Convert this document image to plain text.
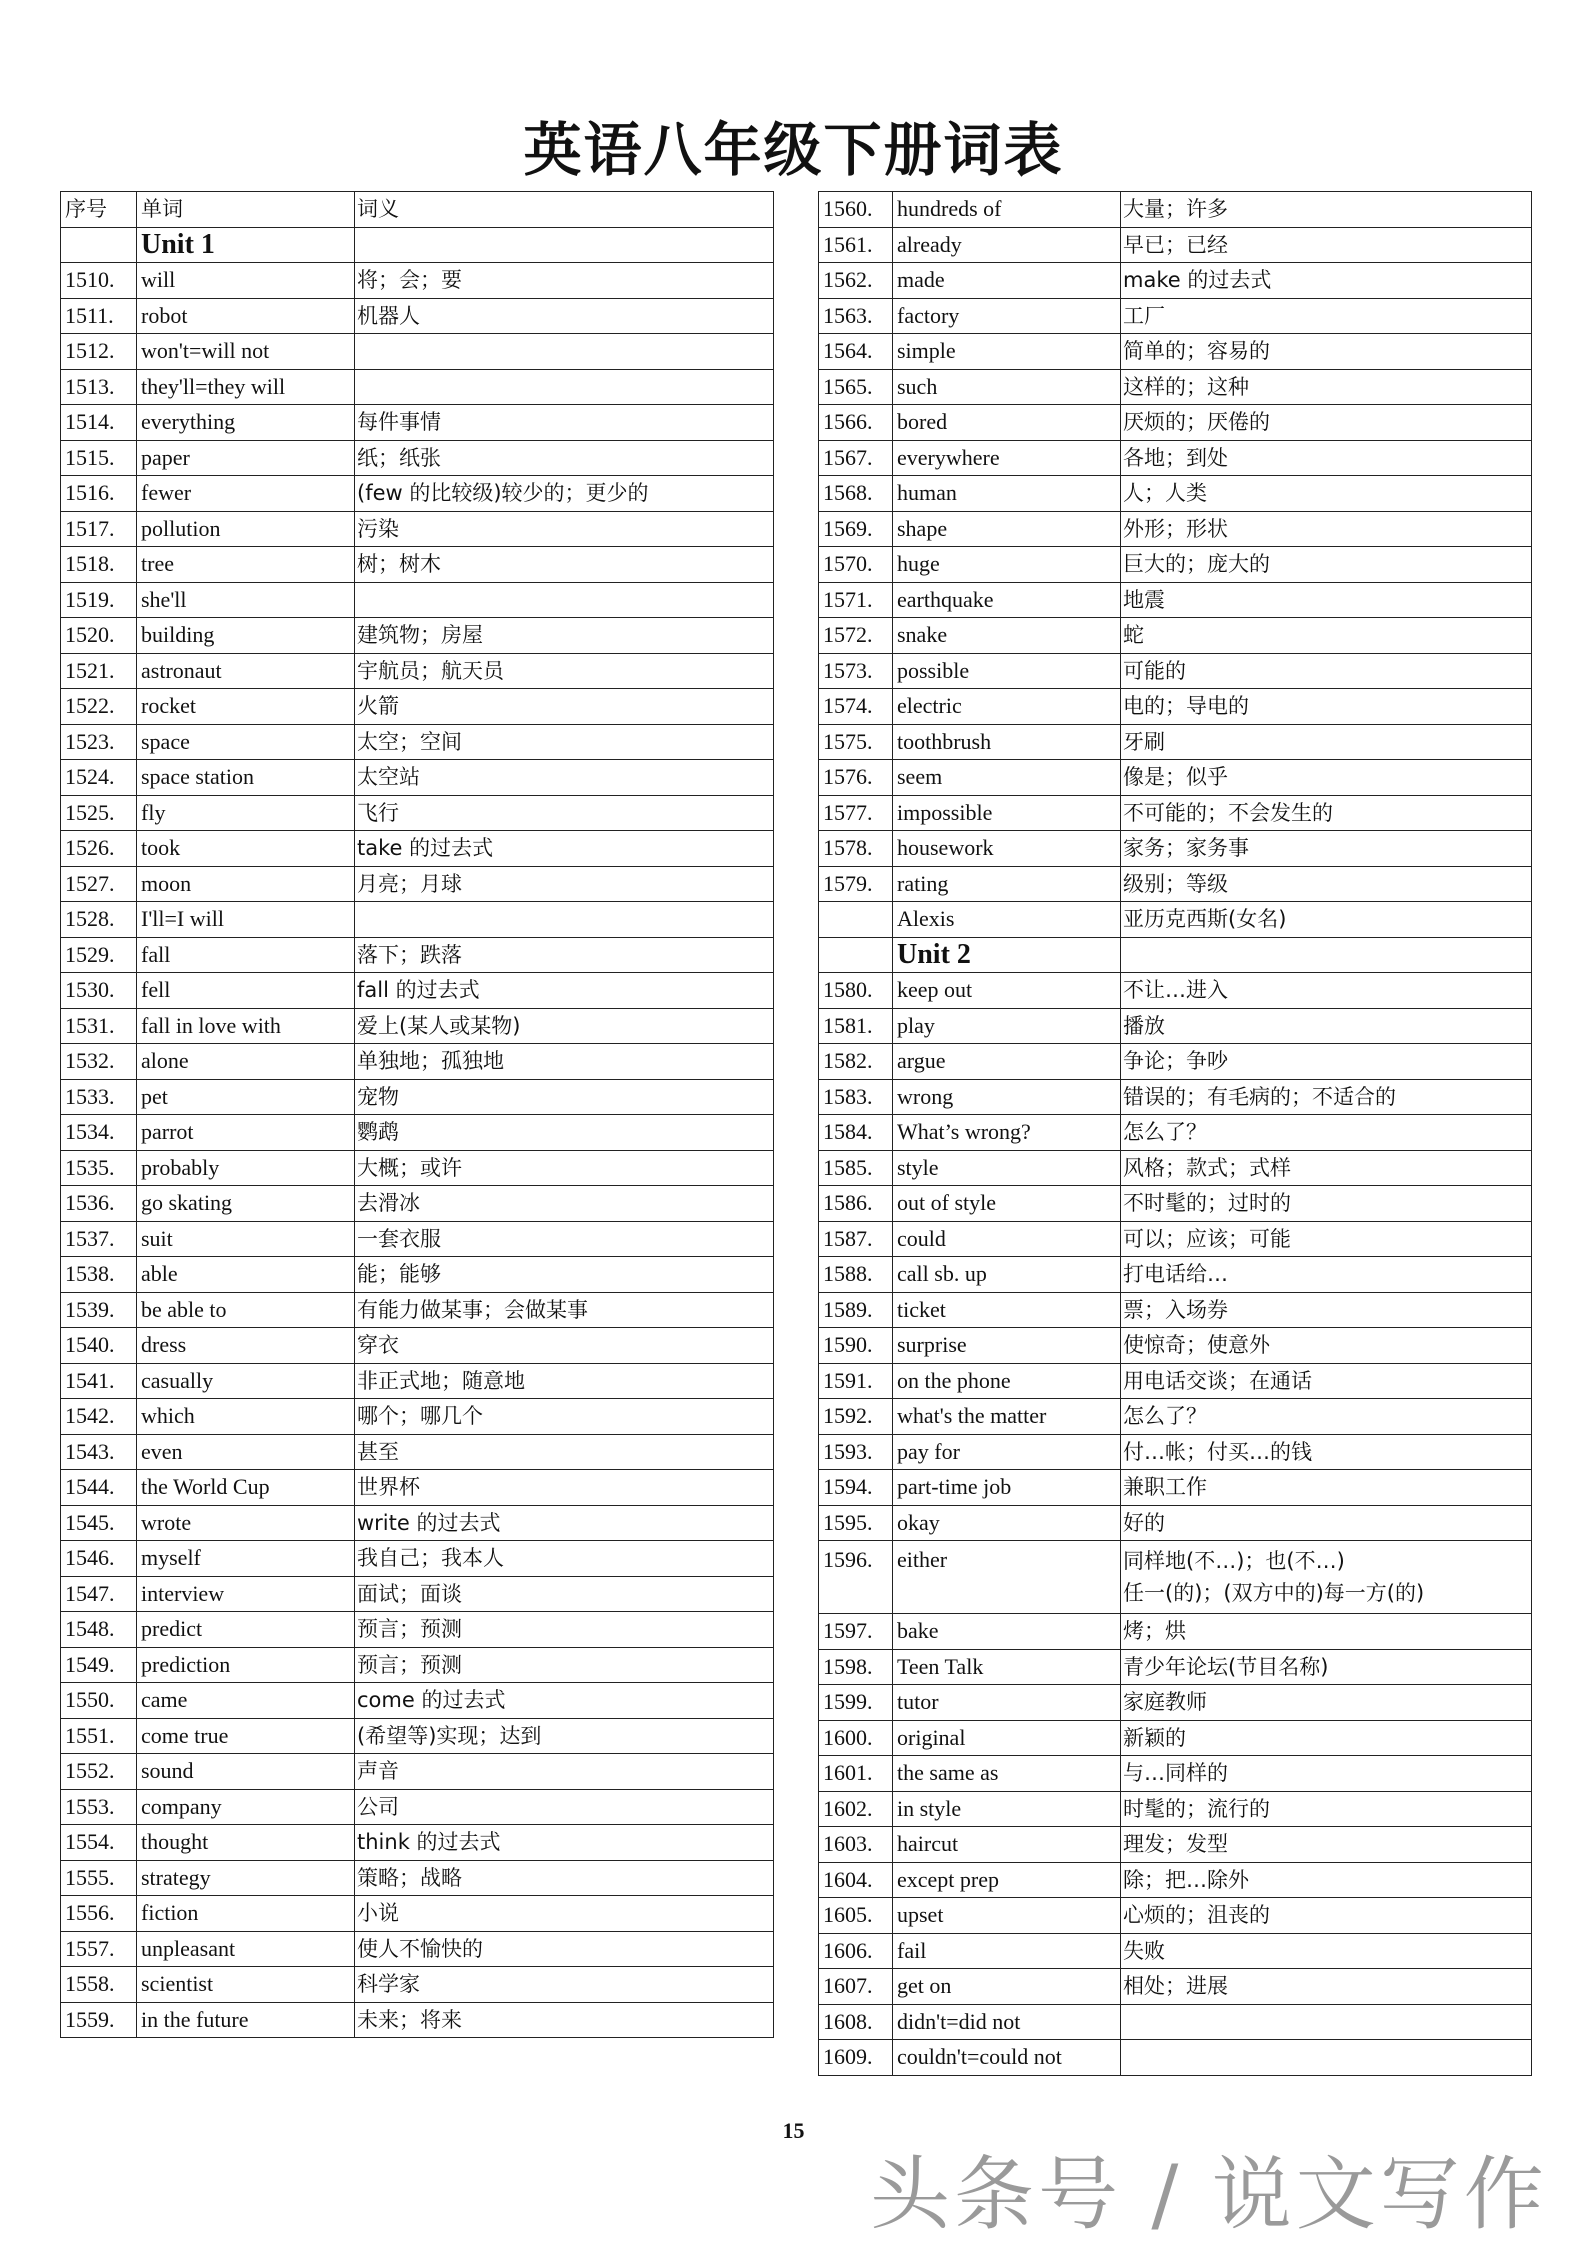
英语八年级下册词表
序号	单词	词义
	Unit 1	
1510.	will	将；会；要
1511.	robot	机器人
1512.	won't=will not	
1513.	they'll=they will	
1514.	everything	每件事情
1515.	paper	纸；纸张
1516.	fewer	(few 的比较级)较少的；更少的
1517.	pollution	污染
1518.	tree	树；树木
1519.	she'll	
1520.	building	建筑物；房屋
1521.	astronaut	宇航员；航天员
1522.	rocket	火箭
1523.	space	太空；空间
1524.	space station	太空站
1525.	fly	飞行
1526.	took	take 的过去式
1527.	moon	月亮；月球
1528.	I'll=I will	
1529.	fall	落下；跌落
1530.	fell	fall 的过去式
1531.	fall in love with	爱上(某人或某物)
1532.	alone	单独地；孤独地
1533.	pet	宠物
1534.	parrot	鹦鹉
1535.	probably	大概；或许
1536.	go skating	去滑冰
1537.	suit	一套衣服
1538.	able	能；能够
1539.	be able to	有能力做某事；会做某事
1540.	dress	穿衣
1541.	casually	非正式地；随意地
1542.	which	哪个；哪几个
1543.	even	甚至
1544.	the World Cup	世界杯
1545.	wrote	write 的过去式
1546.	myself	我自己；我本人
1547.	interview	面试；面谈
1548.	predict	预言；预测
1549.	prediction	预言；预测
1550.	came	come 的过去式
1551.	come true	(希望等)实现；达到
1552.	sound	声音
1553.	company	公司
1554.	thought	think 的过去式
1555.	strategy	策略；战略
1556.	fiction	小说
1557.	unpleasant	使人不愉快的
1558.	scientist	科学家
1559.	in the future	未来；将来
1560.	hundreds of	大量；许多
1561.	already	早已；已经
1562.	made	make 的过去式
1563.	factory	工厂
1564.	simple	简单的；容易的
1565.	such	这样的；这种
1566.	bored	厌烦的；厌倦的
1567.	everywhere	各地；到处
1568.	human	人；人类
1569.	shape	外形；形状
1570.	huge	巨大的；庞大的
1571.	earthquake	地震
1572.	snake	蛇
1573.	possible	可能的
1574.	electric	电的；导电的
1575.	toothbrush	牙刷
1576.	seem	像是；似乎
1577.	impossible	不可能的；不会发生的
1578.	housework	家务；家务事
1579.	rating	级别；等级
	Alexis	亚历克西斯(女名)
	Unit 2	
1580.	keep out	不让…进入
1581.	play	播放
1582.	argue	争论；争吵
1583.	wrong	错误的；有毛病的；不适合的
1584.	What’s wrong?	怎么了？
1585.	style	风格；款式；式样
1586.	out of style	不时髦的；过时的
1587.	could	可以；应该；可能
1588.	call sb. up	打电话给…
1589.	ticket	票；入场券
1590.	surprise	使惊奇；使意外
1591.	on the phone	用电话交谈；在通话
1592.	what's the matter	怎么了？
1593.	pay for	付…帐；付买…的钱
1594.	part-time job	兼职工作
1595.	okay	好的
1596.	either	同样地(不…)；也(不…)
任一(的)；(双方中的)每一方(的)

1597.	bake	烤；烘
1598.	Teen Talk	青少年论坛(节目名称)
1599.	tutor	家庭教师
1600.	original	新颖的
1601.	the same as	与…同样的
1602.	in style	时髦的；流行的
1603.	haircut	理发；发型
1604.	except prep	除；把…除外
1605.	upset	心烦的；沮丧的
1606.	fail	失败
1607.	get on	相处；进展
1608.	didn't=did not	
1609.	couldn't=could not	
15
头条号 / 说文写作
